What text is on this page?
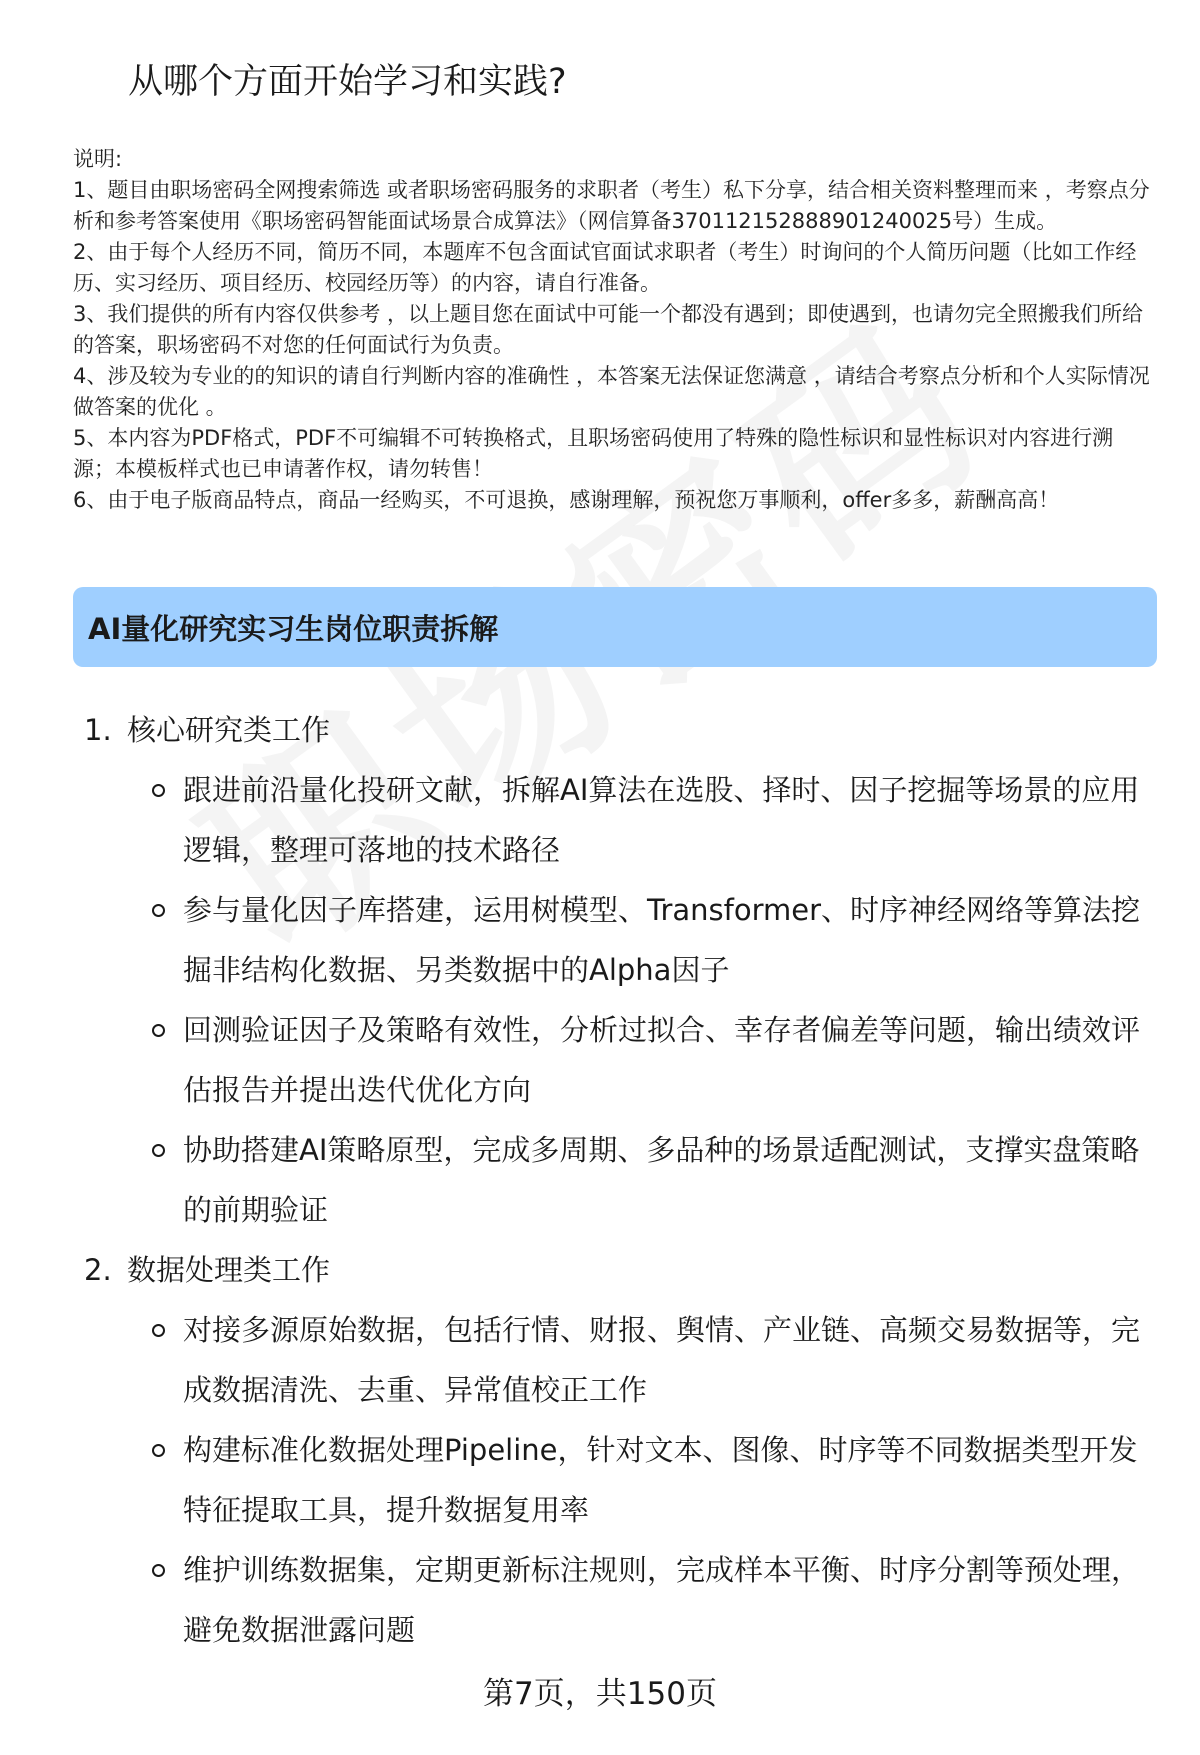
从哪个方面开始学习和实践?

说明:

1、题目由职场密码全网搜索筛选 或者职场密码服务的求职者（考生）私下分享，结合相关资料整理而来 ，考察点分析和参考答案使用《职场密码智能面试场景合成算法》（网信算备370112152888901240025号）生成。

2、由于每个人经历不同，简历不同，本题库不包含面试官面试求职者（考生）时询问的个人简历问题（比如工作经历、实习经历、项目经历、校园经历等）的内容，请自行准备。

3、我们提供的所有内容仅供参考 ，以上题目您在面试中可能一个都没有遇到；即使遇到，也请勿完全照搬我们所给的答案，职场密码不对您的任何面试行为负责。

4、涉及较为专业的的知识的请自行判断内容的准确性 ，本答案无法保证您满意 ，请结合考察点分析和个人实际情况做答案的优化 。

5、本内容为PDF格式，PDF不可编辑不可转换格式，且职场密码使用了特殊的隐性标识和显性标识对内容进行溯源；本模板样式也已申请著作权，请勿转售！

6、由于电子版商品特点，商品一经购买，不可退换，感谢理解，预祝您万事顺利，offer多多，薪酬高高！

AI量化研究实习生岗位职责拆解
1. 核心研究类工作
跟进前沿量化投研文献，拆解AI算法在选股、择时、因子挖掘等场景的应用逻辑，整理可落地的技术路径
参与量化因子库搭建，运用树模型、Transformer、时序神经网络等算法挖掘非结构化数据、另类数据中的Alpha因子
回测验证因子及策略有效性，分析过拟合、幸存者偏差等问题，输出绩效评估报告并提出迭代优化方向
协助搭建AI策略原型，完成多周期、多品种的场景适配测试，支撑实盘策略的前期验证
2. 数据处理类工作
对接多源原始数据，包括行情、财报、舆情、产业链、高频交易数据等，完成数据清洗、去重、异常值校正工作
构建标准化数据处理Pipeline，针对文本、图像、时序等不同数据类型开发特征提取工具，提升数据复用率
维护训练数据集，定期更新标注规则，完成样本平衡、时序分割等预处理，避免数据泄露问题
第7页，共150页
